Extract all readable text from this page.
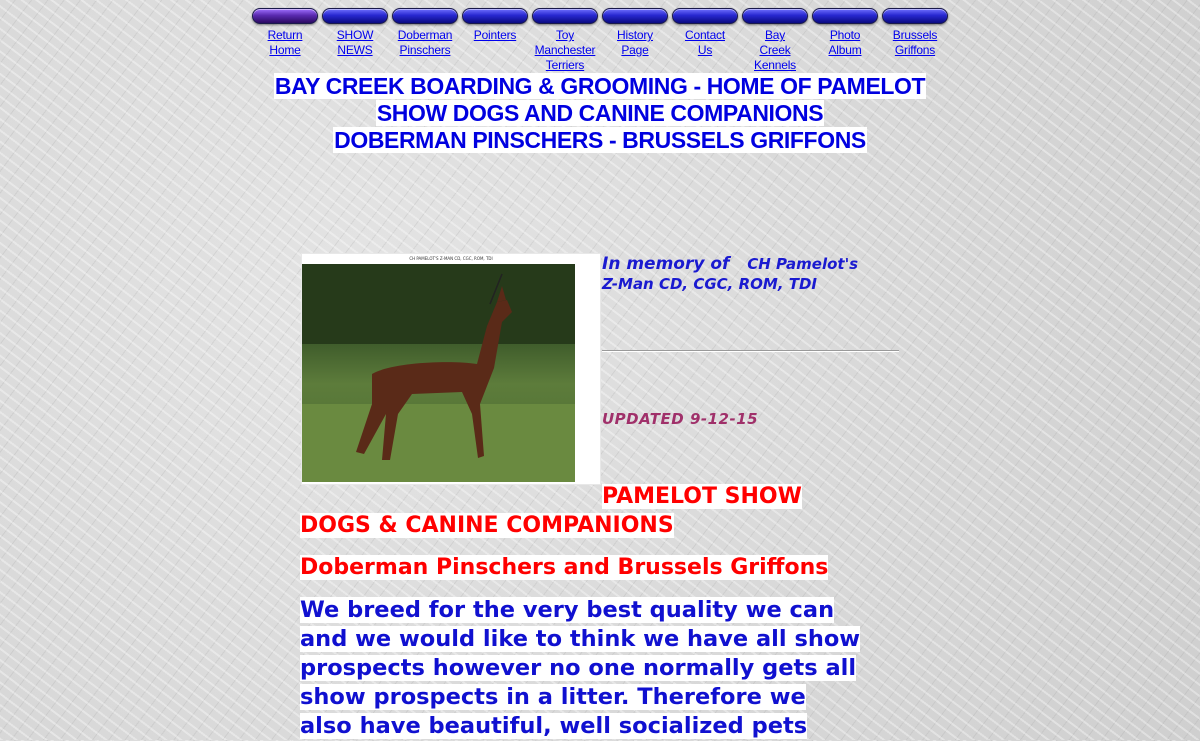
Return
Home
SHOW
NEWS
Doberman
Pinschers
Pointers	Toy
Manchester
Terriers
History
Page
Contact
Us
Bay
Creek
Kennels
Photo
Album
Brussels
Griffons
BAY CREEK BOARDING & GROOMING - HOME OF PAMELOT
SHOW DOGS AND CANINE COMPANIONS
DOBERMAN PINSCHERS - BRUSSELS GRIFFONS
CH PAMELOT'S Z-MAN CD, CGC, ROM, TDI	In memory of CH Pamelot's
Z-Man CD, CGC, ROM, TDI
UPDATED 9-12-15
PAMELOT SHOW
DOGS & CANINE COMPANIONS
Doberman Pinschers and Brussels Griffons
We breed for the very best quality we can
and we would like to think we have all show
prospects however no one normally gets all
show prospects in a litter. Therefore we
also have beautiful, well socialized pets
